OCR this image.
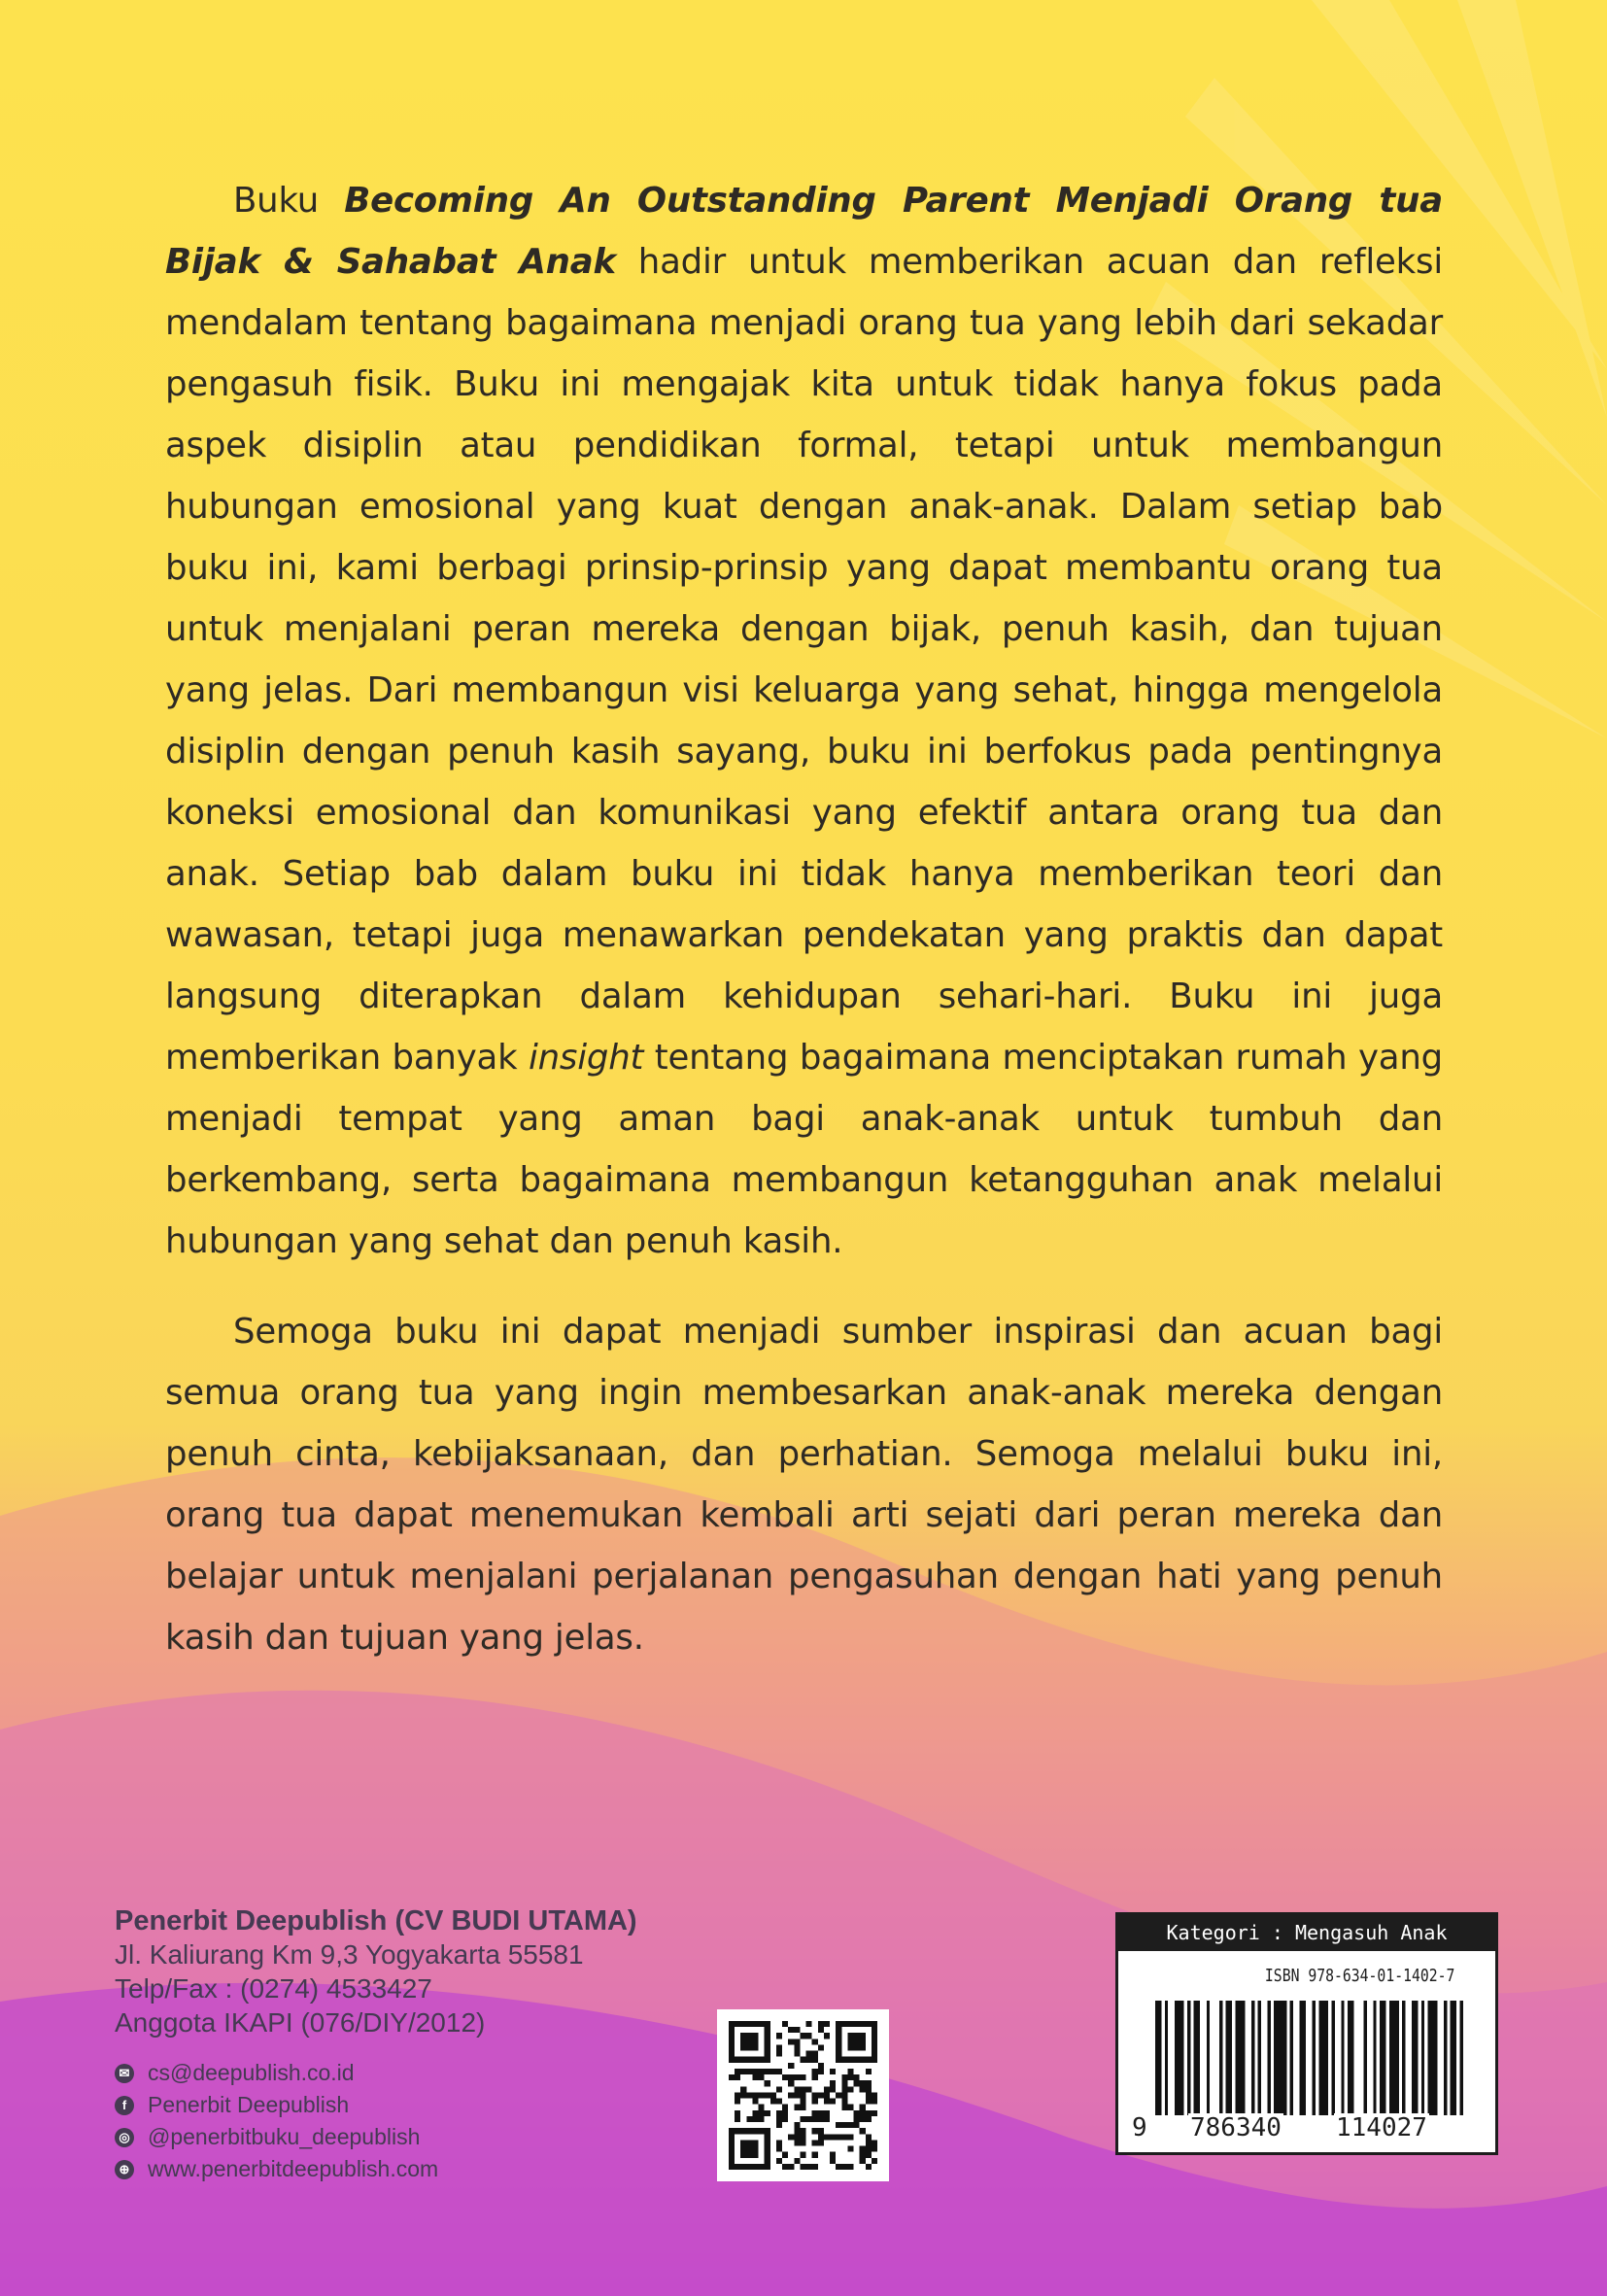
Buku Becoming An Outstanding Parent Menjadi Orang tua Bijak & Sahabat Anak hadir untuk memberikan acuan dan refleksi mendalam tentang bagaimana menjadi orang tua yang lebih dari sekadar pengasuh fisik. Buku ini mengajak kita untuk tidak hanya fokus pada aspek disiplin atau pendidikan formal, tetapi untuk membangun hubungan emosional yang kuat dengan anak-anak. Dalam setiap bab buku ini, kami berbagi prinsip-prinsip yang dapat membantu orang tua untuk menjalani peran mereka dengan bijak, penuh kasih, dan tujuan yang jelas. Dari membangun visi keluarga yang sehat, hingga mengelola disiplin dengan penuh kasih sayang, buku ini berfokus pada pentingnya koneksi emosional dan komunikasi yang efektif antara orang tua dan anak. Setiap bab dalam buku ini tidak hanya memberikan teori dan wawasan, tetapi juga menawarkan pendekatan yang praktis dan dapat langsung diterapkan dalam kehidupan sehari-hari. Buku ini juga memberikan banyak insight tentang bagaimana menciptakan rumah yang menjadi tempat yang aman bagi anak-anak untuk tumbuh dan berkembang, serta bagaimana membangun ketangguhan anak melalui hubungan yang sehat dan penuh kasih.

Semoga buku ini dapat menjadi sumber inspirasi dan acuan bagi semua orang tua yang ingin membesarkan anak-anak mereka dengan penuh cinta, kebijaksanaan, dan perhatian. Semoga melalui buku ini, orang tua dapat menemukan kembali arti sejati dari peran mereka dan belajar untuk menjalani perjalanan pengasuhan dengan hati yang penuh kasih dan tujuan yang jelas.

Penerbit Deepublish (CV BUDI UTAMA)
Jl. Kaliurang Km 9,3 Yogyakarta 55581
Telp/Fax : (0274) 4533427
Anggota IKAPI (076/DIY/2012)
✉ cs@deepublish.co.id
f Penerbit Deepublish
◎ @penerbitbuku_deepublish
⊕ www.penerbitdeepublish.com
Kategori : Mengasuh Anak
ISBN 978-634-01-1402-7
9 786340 114027
